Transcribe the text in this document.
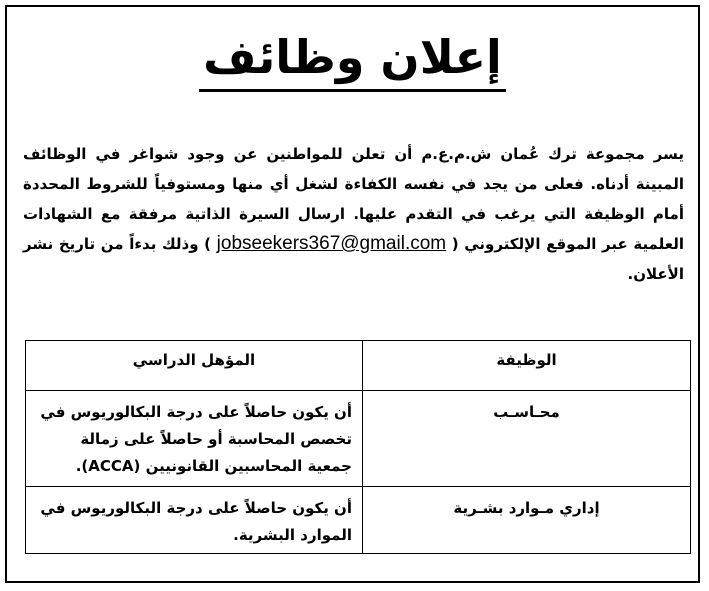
إعلان وظائف
يسر مجموعة ترك عُمان ش.م.ع.م أن تعلن للمواطنين عن وجود شواغر في الوظائف المبينة أدناه. فعلى من يجد في نفسه الكفاءة لشغل أي منها ومستوفياً للشروط المحددة أمام الوظيفة التي يرغب في التقدم عليها. ارسال السيرة الذاتية مرفقة مع الشهادات العلمية عبر الموقع الإلكتروني ( jobseekers367@gmail.com ) وذلك بدءاً من تاريخ نشر الأعلان.
الوظيفة	المؤهل الدراسي
محـاسـب	أن يكون حاصلاً على درجة البكالوريوس في تخصص المحاسبة أو حاصلاً على زمالة جمعية المحاسبين القانونيين (ACCA).
إداري مـوارد بشـرية	أن يكون حاصلاً على درجة البكالوريوس في الموارد البشرية.
